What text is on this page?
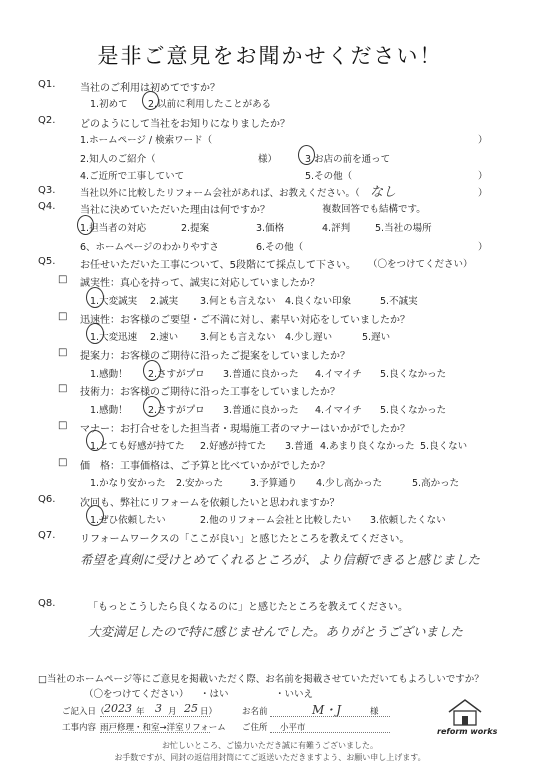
是非ご意見をお聞かせください！
Q1. 当社のご利用は初めてですか？
1.初めて 2.以前に利用したことがある
Q2. どのようにして当社をお知りになりましたか？
1.ホームページ / 検索ワード（	）
2.知人のご紹介（	様）	3.お店の前を通って
4.ご近所で工事していて	5.その他（	）
Q3.	当社以外に比較したリフォーム会社があれば、お教えください。（ なし	）
Q4. 当社に決めていただいた理由は何ですか？	複数回答でも結構です。
1.担当者の対応	2.提案	3.価格	4.評判	5.当社の場所
6、ホームページのわかりやすさ	6.その他（	）
Q5. お任せいただいた工事について、5段階にて採点して下さい。 （〇をつけてください）
□ 誠実性：真心を持って、誠実に対応していましたか？
1.大変誠実 2.誠実 3.何とも言えない 4.良くない印象	5.不誠実
□ 迅速性：お客様のご要望・ご不満に対し、素早い対応をしていましたか？
1.大変迅速 2.速い 3.何とも言えない 4.少し遅い	5.遅い
□ 提案力：お客様のご期待に沿ったご提案をしていましたか？
1.感動！ 2.さすがプロ 3.普通に良かった 4.イマイチ 5.良くなかった
□ 技術力：お客様のご期待に沿った工事をしていましたか？
1.感動！ 2.さすがプロ 3.普通に良かった 4.イマイチ 5.良くなかった
□ マナー：お打合せをした担当者・現場施工者のマナーはいかがでしたか？
1.とても好感が持てた 2.好感が持てた 3.普通 4.あまり良くなかった 5.良くない
□ 価　格：工事価格は、ご予算と比べていかがでしたか？
1.かなり安かった 2.安かった	3.予算通り 4.少し高かった	5.高かった
Q6. 次回も、弊社にリフォームを依頼したいと思われますか？
1.ぜひ依頼したい	2.他のリフォーム会社と比較したい 3.依頼したくない
Q7. リフォームワークスの「ここが良い」と感じたところを教えてください。
希望を真剣に受けとめてくれるところが、より信頼できると感じました
Q8.	「もっとこうしたら良くなるのに」と感じたところを教えてください。
大変満足したので特に感じませんでした。ありがとうございました
□当社のホームページ等にご意見を掲載いただく際、お名前を掲載させていただいてもよろしいですか？
（〇をつけてください） ・はい	・いいえ
ご記入日（ 2023 年 3 月 25 日）	お名前	M・J	様
工事内容 雨戸修理・和室→洋室リフォーム ご住所 小平市
お忙しいところ、ご協力いただき誠に有難うございました。
お手数ですが、同封の返信用封筒にてご返送いただきますよう、お願い申し上げます。
reform works
